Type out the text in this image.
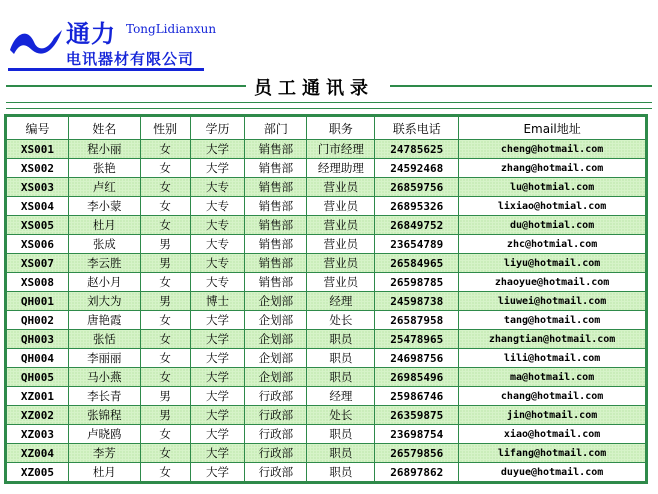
通力 TongLidianxun
电讯器材有限公司
员工通讯录
编号	姓名	性别	学历	部门	职务	联系电话	Email地址
XS001	程小丽	女	大学	销售部	门市经理	24785625	cheng@hotmail.com
XS002	张艳	女	大学	销售部	经理助理	24592468	zhang@hotmail.com
XS003	卢红	女	大专	销售部	营业员	26859756	lu@hotmial.com
XS004	李小蒙	女	大专	销售部	营业员	26895326	lixiao@hotmial.com
XS005	杜月	女	大专	销售部	营业员	26849752	du@hotmial.com
XS006	张成	男	大专	销售部	营业员	23654789	zhc@hotmial.com
XS007	李云胜	男	大专	销售部	营业员	26584965	liyu@hotmail.com
XS008	赵小月	女	大专	销售部	营业员	26598785	zhaoyue@hotmail.com
QH001	刘大为	男	博士	企划部	经理	24598738	liuwei@hotmail.com
QH002	唐艳霞	女	大学	企划部	处长	26587958	tang@hotmail.com
QH003	张恬	女	大学	企划部	职员	25478965	zhangtian@hotmail.com
QH004	李丽丽	女	大学	企划部	职员	24698756	lili@hotmail.com
QH005	马小燕	女	大学	企划部	职员	26985496	ma@hotmail.com
XZ001	李长青	男	大学	行政部	经理	25986746	chang@hotmail.com
XZ002	张锦程	男	大学	行政部	处长	26359875	jin@hotmail.com
XZ003	卢晓鸥	女	大学	行政部	职员	23698754	xiao@hotmail.com
XZ004	李芳	女	大学	行政部	职员	26579856	lifang@hotmail.com
XZ005	杜月	女	大学	行政部	职员	26897862	duyue@hotmail.com
